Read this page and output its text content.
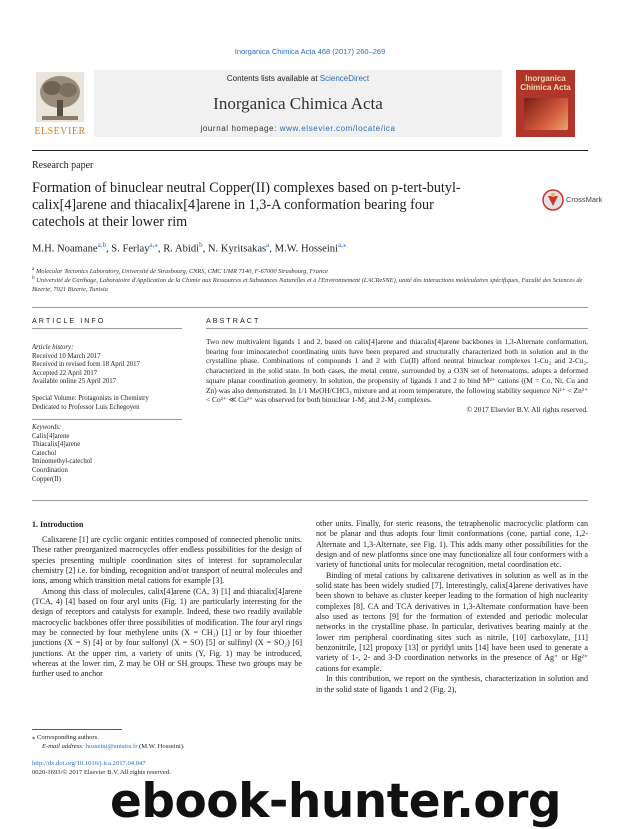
Inorganica Chimica Acta 468 (2017) 260–269
Contents lists available at ScienceDirect
Inorganica Chimica Acta
journal homepage: www.elsevier.com/locate/ica
ELSEVIER
Inorganica
Chimica Acta
Research paper
Formation of binuclear neutral Copper(II) complexes based on p-tert-butyl- calix[4]arene and thiacalix[4]arene in 1,3-A conformation bearing four catechols at their lower rim
CrossMark
M.H. Noamane$^{a,b}$, S. Ferlay$^{a,⁎}$, R. Abidi$^b$, N. Kyritsakas$^a$, M.W. Hosseini$^{a,⁎}$
$^a$ Molecular Tectonics Laboratory, Université de Strasbourg, CNRS, CMC UMR 7140, F-67000 Strasbourg, France
$^b$ Université de Carthage, Laboratoire d'Application de la Chimie aux Ressources et Substances Naturelles et à l'Environnement (LACReSNE), unité des interactions moléculaires spécifiques, Faculté des Sciences de Bizerte, 7021 Bizerte, Tunisia
ARTICLE INFO	ABSTRACT

Article history:

Received 10 March 2017

Received in revised form 18 April 2017

Accepted 22 April 2017

Available online 25 April 2017

Special Volume: Protagonists in Chemistry

Dedicated to Professor Luis Echegoyen

Keywords:

Calix[4]arene

Thiacalix[4]arene

Catechol

Iminomethyl-catechol

Coordination

Copper(II)

Two new multivalent ligands 1 and 2, based on calix[4]arene and thiacalix[4]arene backbones in 1,3-Alternate conformation, bearing four iminocatechol coordinating units have been prepared and structurally characterized both in solution and in the crystalline phase. Combinations of compounds 1 and 2 with Cu(II) afford neutral binuclear complexes 1-Cu₂ and 2-Cu₂, characterized in the solid state. In both cases, the metal centre, surrounded by a O3N set of heteroatoms, adopts a deformed square planar coordination geometry. In solution, the propensity of ligands 1 and 2 to bind M²⁺ cations ((M = Co, Ni, Cu and Zn) was also demonstrated. In 1/1 MeOH/CHCl₃ mixture and at room temperature, the following stability sequence Ni²⁺ < Zn²⁺ < Co²⁺ ≪ Cu²⁺ was observed for both binuclear 1-M₂ and 2-M₂ complexes.
© 2017 Elsevier B.V. All rights reserved.
1. Introduction

Calixarene [1] are cyclic organic entities composed of connected phenolic units. These rather preorganized macrocycles offer endless possibilities for the design of species presenting multiple coordination sites of interest for supramolecular chemistry [2] i.e. for binding, recognition and/or transport of neutral molecules and ions, among which transition metal cations for example [3].

Among this class of molecules, calix[4]arene (CA, 3) [1] and thiacalix[4]arene (TCA, 4) [4] based on four aryl units (Fig. 1) are particularly interesting for the design of receptors and catalysts for example. Indeed, these two readily available macrocyclic backbones offer three possibilities of modification. The four aryl rings may be connected by four methylene units (X = CH₂) [1] or by four thioether junctions (X = S) [4] or by four sulfonyl (X = SO) [5] or sulfinyl (X = SO₂) [6] junctions. At the upper rim, a variety of units (Y, Fig. 1) may be introduced, whereas at the lower rim, Z may be OH or SH groups. These two groups may be further used to anchor

other units. Finally, for steric reasons, the tetraphenolic macrocyclic platform can not be planar and thus adopts four limit conformations (cone, partial cone, 1,2-Alternate and 1,3-Alternate, see Fig. 1). This adds many other possibilities for the design and of new platforms since one may functionalize all four conformers with a variety of functional units for molecular recognition, metal coordination etc.

Binding of metal cations by calixarene derivatives in solution as well as in the solid state has been widely studied [7]. Interestingly, calix[4]arene derivatives have been shown to behave as cluster keeper leading to the formation of high nuclearity complexes [8]. CA and TCA derivatives in 1,3-Alternate conformation have been also used as tectons [9] for the formation of extended and periodic molecular networks in the crystalline phase. In particular, derivatives bearing mainly at the lower rim peripheral coordinating sites such as nitrile, [10] carboxylate, [11] benzonitrile, [12] propoxy [13] or pyridyl units [14] have been used to generate a variety of 1-, 2- and 3-D coordination networks in the presence of Ag⁺ or Hg²⁺ cations for example.

In this contribution, we report on the synthesis, characterization in solution and in the solid state of ligands 1 and 2 (Fig. 2),

⁎ Corresponding authors.
E-mail address: hosseini@unistra.fr (M.W. Hosseini).
http://dx.doi.org/10.1016/j.ica.2017.04.047
0020-1693/© 2017 Elsevier B.V. All rights reserved.
ebook-hunter.org
